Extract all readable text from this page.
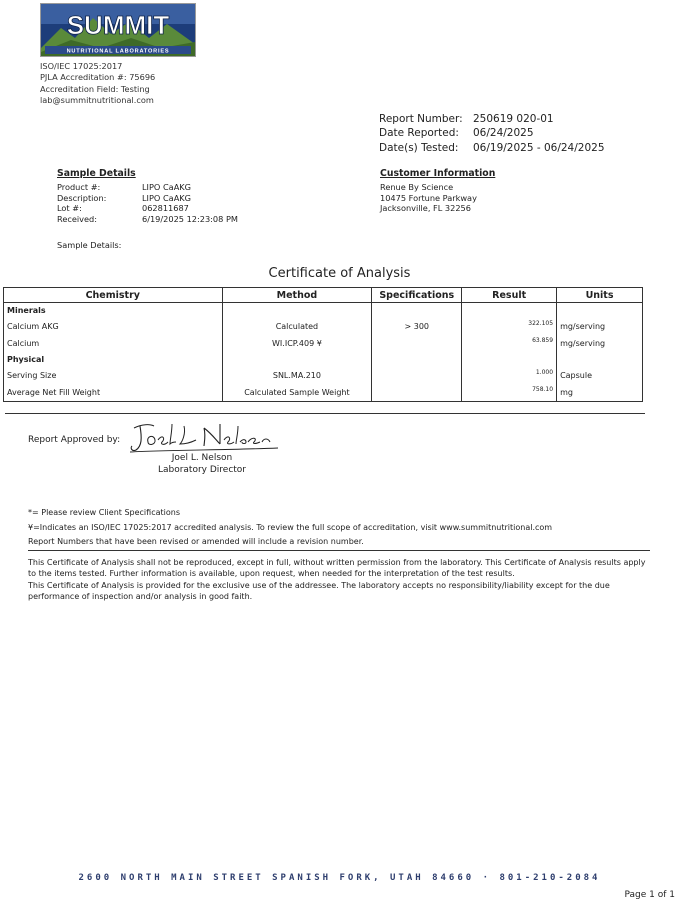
SUMMIT
NUTRITIONAL LABORATORIES
ISO/IEC 17025:2017
PJLA Accreditation #: 75696
Accreditation Field: Testing
lab@summitnutritional.com
Report Number: 250619 020-01
Date Reported:	06/24/2025
Date(s) Tested:	06/19/2025 - 06/24/2025
Sample Details
Product #:	LIPO CaAKG
Description:	LIPO CaAKG
Lot #:	062811687
Received:	6/19/2025 12:23:08 PM
Customer Information
Renue By Science
10475 Fortune Parkway
Jacksonville, FL 32256
Sample Details:
Certificate of Analysis
Chemistry	Method	Specifications	Result	Units
Minerals				
Calcium AKG	Calculated	> 300	322.105	mg/serving
Calcium	WI.ICP.409 ¥		63.859	mg/serving
Physical				
Serving Size	SNL.MA.210		1.000	Capsule
Average Net Fill Weight	Calculated Sample Weight		758.10	mg
Report Approved by:
Joel L. Nelson
Laboratory Director
*= Please review Client Specifications
¥=Indicates an ISO/IEC 17025:2017 accredited analysis. To review the full scope of accreditation, visit www.summitnutritional.com
Report Numbers that have been revised or amended will include a revision number.
This Certificate of Analysis shall not be reproduced, except in full, without written permission from the laboratory. This Certificate of Analysis results apply
to the items tested. Further information is available, upon request, when needed for the interpretation of the test results.
This Certificate of Analysis is provided for the exclusive use of the addressee. The laboratory accepts no responsibility/liability except for the due
performance of inspection and/or analysis in good faith.
2600 NORTH MAIN STREET SPANISH FORK, UTAH 84660 · 801-210-2084
Page 1 of 1
